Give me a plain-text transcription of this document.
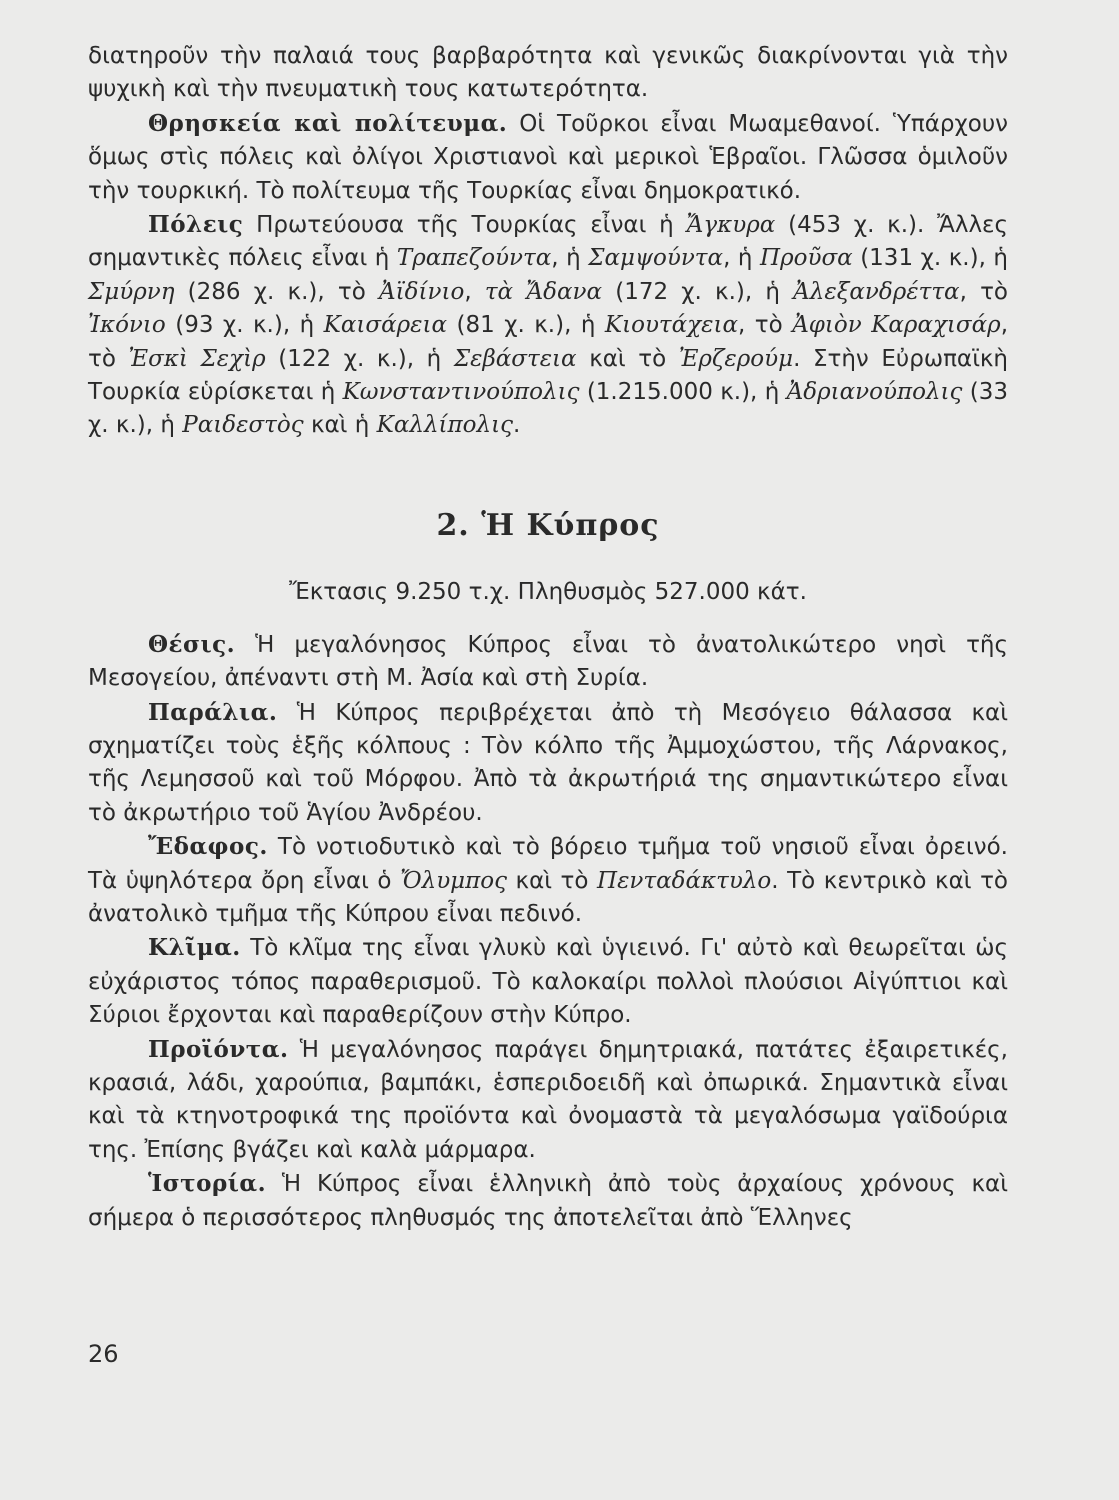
διατηροῦν τὴν παλαιά τους βαρβαρότητα καὶ γενικῶς διακρίνονται γιὰ τὴν ψυχικὴ καὶ τὴν πνευματικὴ τους κατωτερότητα.

Θρησκεία καὶ πολίτευμα. Οἱ Τοῦρκοι εἶναι Μωαμεθανοί. Ὑπάρχουν ὅμως στὶς πόλεις καὶ ὀλίγοι Χριστιανοὶ καὶ μερικοὶ Ἑβραῖοι. Γλῶσσα ὁμιλοῦν τὴν τουρκική. Τὸ πολίτευμα τῆς Τουρκίας εἶναι δημοκρατικό.

Πόλεις Πρωτεύουσα τῆς Τουρκίας εἶναι ἡ Ἄγκυρα (453 χ. κ.). Ἄλλες σημαντικὲς πόλεις εἶναι ἡ Τραπεζούντα, ἡ Σαμψούντα, ἡ Προῦσα (131 χ. κ.), ἡ Σμύρνη (286 χ. κ.), τὸ Ἀϊδίνιο, τὰ Ἄδανα (172 χ. κ.), ἡ Ἀλεξανδρέττα, τὸ Ἰκόνιο (93 χ. κ.), ἡ Καισάρεια (81 χ. κ.), ἡ Κιουτάχεια, τὸ Ἀφιὸν Καραχισάρ, τὸ Ἐσκὶ Σεχὶρ (122 χ. κ.), ἡ Σεβάστεια καὶ τὸ Ἐρζερούμ. Στὴν Εὐρωπαϊκὴ Τουρκία εὑρίσκεται ἡ Κωνσταντινούπολις (1.215.000 κ.), ἡ Ἀδριανούπολις (33 χ. κ.), ἡ Ραιδεστὸς καὶ ἡ Καλλίπολις.

2. Ἡ Κύπρος
Ἔκτασις 9.250 τ.χ. Πληθυσμὸς 527.000 κάτ.

Θέσις. Ἡ μεγαλόνησος Κύπρος εἶναι τὸ ἀνατολικώτερο νησὶ τῆς Μεσογείου, ἀπέναντι στὴ Μ. Ἀσία καὶ στὴ Συρία.

Παράλια. Ἡ Κύπρος περιβρέχεται ἀπὸ τὴ Μεσόγειο θάλασσα καὶ σχηματίζει τοὺς ἑξῆς κόλπους : Τὸν κόλπο τῆς Ἀμμοχώστου, τῆς Λάρνακος, τῆς Λεμησσοῦ καὶ τοῦ Μόρφου. Ἀπὸ τὰ ἀκρωτήριά της σημαντικώτερο εἶναι τὸ ἀκρωτήριο τοῦ Ἁγίου Ἀνδρέου.

Ἔδαφος. Τὸ νοτιοδυτικὸ καὶ τὸ βόρειο τμῆμα τοῦ νησιοῦ εἶναι ὀρεινό. Τὰ ὑψηλότερα ὄρη εἶναι ὁ Ὄλυμπος καὶ τὸ Πενταδάκτυλο. Τὸ κεντρικὸ καὶ τὸ ἀνατολικὸ τμῆμα τῆς Κύπρου εἶναι πεδινό.

Κλῖμα. Τὸ κλῖμα της εἶναι γλυκὺ καὶ ὑγιεινό. Γι' αὐτὸ καὶ θεωρεῖται ὡς εὐχάριστος τόπος παραθερισμοῦ. Τὸ καλοκαίρι πολλοὶ πλούσιοι Αἰγύπτιοι καὶ Σύριοι ἔρχονται καὶ παραθερίζουν στὴν Κύπρο.

Προϊόντα. Ἡ μεγαλόνησος παράγει δημητριακά, πατάτες ἐξαιρετικές, κρασιά, λάδι, χαρούπια, βαμπάκι, ἑσπεριδοειδῆ καὶ ὀπωρικά. Σημαντικὰ εἶναι καὶ τὰ κτηνοτροφικά της προϊόντα καὶ ὀνομαστὰ τὰ μεγαλόσωμα γαϊδούρια της. Ἐπίσης βγάζει καὶ καλὰ μάρμαρα.

Ἱστορία. Ἡ Κύπρος εἶναι ἑλληνικὴ ἀπὸ τοὺς ἀρχαίους χρόνους καὶ σήμερα ὁ περισσότερος πληθυσμός της ἀποτελεῖται ἀπὸ Ἕλληνες

26
